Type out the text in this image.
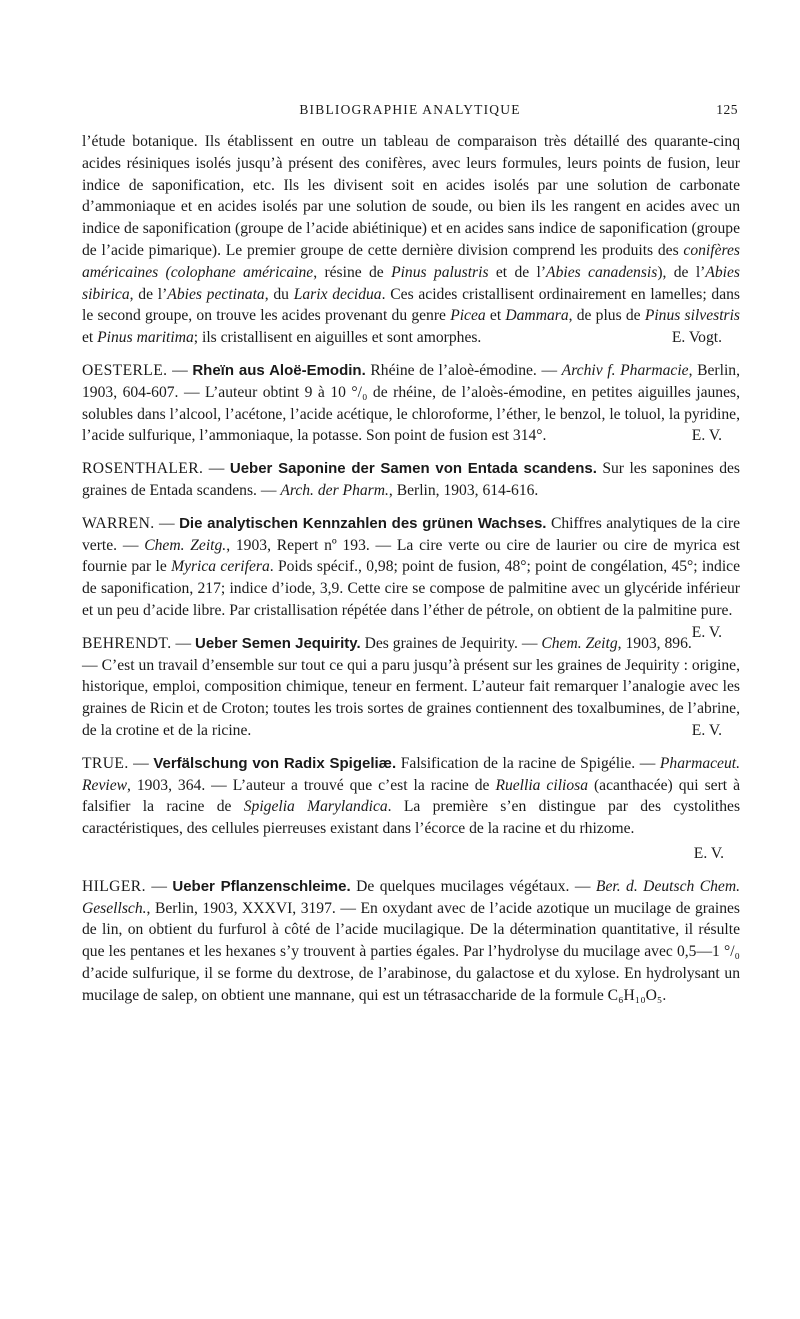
BIBLIOGRAPHIE ANALYTIQUE	125

l’étude botanique. Ils établissent en outre un tableau de comparaison très détaillé des quarante-cinq acides résiniques isolés jusqu’à présent des conifères, avec leurs formules, leurs points de fusion, leur indice de saponification, etc. Ils les divisent soit en acides isolés par une solution de carbonate d’ammoniaque et en acides isolés par une solution de soude, ou bien ils les rangent en acides avec un indice de saponification (groupe de l’acide abiétinique) et en acides sans indice de saponification (groupe de l’acide pimarique). Le premier groupe de cette dernière division comprend les produits des conifères américaines (colophane américaine, résine de Pinus palustris et de l’Abies canadensis), de l’Abies sibirica, de l’Abies pectinata, du Larix decidua. Ces acides cristallisent ordinairement en lamelles; dans le second groupe, on trouve les acides provenant du genre Picea et Dammara, de plus de Pinus silvestris et Pinus maritima; ils cristallisent en aiguilles et sont amorphes.	E. Vogt.

OESTERLE. — Rheïn aus Aloë-Emodin. Rhéine de l’aloè-émodine. — Archiv f. Pharmacie, Berlin, 1903, 604-607. — L’auteur obtint 9 à 10 °/₀ de rhéine, de l’aloès-émodine, en petites aiguilles jaunes, solubles dans l’alcool, l’acétone, l’acide acétique, le chloroforme, l’éther, le benzol, le toluol, la pyridine, l’acide sulfurique, l’ammoniaque, la potasse. Son point de fusion est 314°.	E. V.

ROSENTHALER. — Ueber Saponine der Samen von Entada scandens. Sur les saponines des graines de Entada scandens. — Arch. der Pharm., Berlin, 1903, 614-616.

WARREN. — Die analytischen Kennzahlen des grünen Wachses. Chiffres analytiques de la cire verte. — Chem. Zeitg., 1903, Repert nº 193. — La cire verte ou cire de laurier ou cire de myrica est fournie par le Myrica cerifera. Poids spécif., 0,98; point de fusion, 48°; point de congélation, 45°; indice de saponification, 217; indice d’iode, 3,9. Cette cire se compose de palmitine avec un glycéride inférieur et un peu d’acide libre. Par cristallisation répétée dans l’éther de pétrole, on obtient de la palmitine pure.
E. V.

BEHRENDT. — Ueber Semen Jequirity. Des graines de Jequirity. — Chem. Zeitg, 1903, 896. — C’est un travail d’ensemble sur tout ce qui a paru jusqu’à présent sur les graines de Jequirity : origine, historique, emploi, composition chimique, teneur en ferment. L’auteur fait remarquer l’analogie avec les graines de Ricin et de Croton; toutes les trois sortes de graines contiennent des toxalbumines, de l’abrine, de la crotine et de la ricine.	E. V.

TRUE. — Verfälschung von Radix Spigeliæ. Falsification de la racine de Spigélie. — Pharmaceut. Review, 1903, 364. — L’auteur a trouvé que c’est la racine de Ruellia ciliosa (acanthacée) qui sert à falsifier la racine de Spigelia Marylandica. La première s’en distingue par des cystolithes caractéristiques, des cellules pierreuses existant dans l’écorce de la racine et du rhizome.

E. V.

HILGER. — Ueber Pflanzenschleime. De quelques mucilages végétaux. — Ber. d. Deutsch Chem. Gesellsch., Berlin, 1903, XXXVI, 3197. — En oxydant avec de l’acide azotique un mucilage de graines de lin, on obtient du furfurol à côté de l’acide mucilagique. De la détermination quantitative, il résulte que les pentanes et les hexanes s’y trouvent à parties égales. Par l’hydrolyse du mucilage avec 0,5—1 °/₀ d’acide sulfurique, il se forme du dextrose, de l’arabinose, du galactose et du xylose. En hydrolysant un mucilage de salep, on obtient une mannane, qui est un tétrasaccharide de la formule C₆H₁₀O₅.
